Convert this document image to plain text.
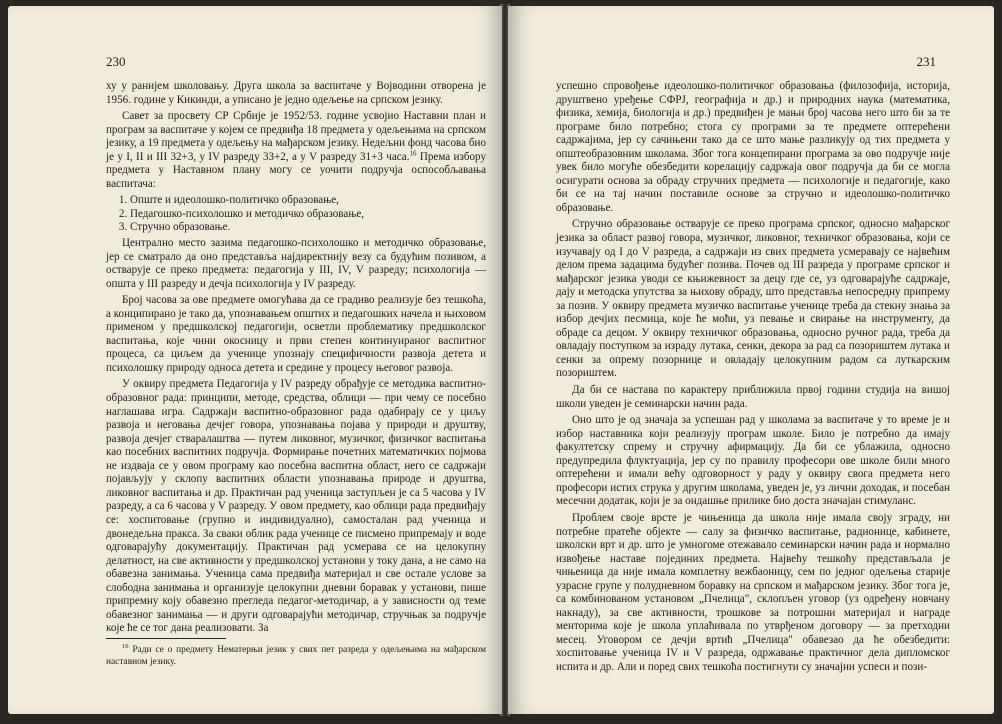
230

ху у ранијем школовању. Друга школа за васпитаче у Војводини отворена је 1956. године у Кикинди, а уписано је једно одељење на српском језику.

Савет за просвету СР Србије је 1952/53. године усвојио Наставни план и програм за васпитаче у којем се предвиђа 18 предмета у одељењима на српском језику, а 19 предмета у одељењу на мађарском језику. Недељни фонд часова био је у I, II и III 32+3, у IV разреду 33+2, а у V разреду 31+3 часа.$^{16}$ Према избору предмета у Наставном плану могу се уочити подручја оспособљавања васпитача:

1. Опште и идеолошко-политичко образовање,
2. Педагошко-психолошко и методичко образовање,
3. Стручно образовање.

Централно место зазима педагошко-психолошко и методичко образовање, јер се сматрало да оно представља најдиректнију везу са будућим позивом, а остварује се преко предмета: педагогија у III, IV, V разреду; психологија — општа у III разреду и дечја психологија у IV разреду.

Број часова за ове предмете омогућава да се градиво реализује без тешкоћа, а конципирано је тако да, упознавањем општих и педагошких начела и њиховом применом у предшколској педагогији, осветли проблематику предшколског васпитања, које чини окосницу и први степен континуираног васпитног процеса, са циљем да ученице упознају специфичности развоја детета и психолошку природу односа детета и средине у процесу његовог развоја.

У оквиру предмета Педагогија у IV разреду обрађује се методика васпитно-образовног рада: принципи, методе, средства, облици — при чему се посебно наглашава игра. Садржаји васпитно-образовног рада одабирају се у циљу развоја и неговања дечјег говора, упознавања појава у природи и друштву, развоја дечјег стваралаштва — путем ликовног, музичког, физичког васпитања као посебних васпитних подручја. Формирање почетних математичких појмова не издваја се у овом програму као посебна васпитна област, него се садржаји појављују у склопу васпитних области упознавања природе и друштва, ликовног васпитања и др. Практичан рад ученица заступљен је са 5 часова у IV разреду, а са 6 часова у V разреду. У овом предмету, као облици рада предвиђају се: хоспитовање (групно и индивидуално), самосталан рад ученица и двонедељна пракса. За сваки облик рада ученице се писмено припремају и воде одговарајућу документацију. Практичан рад усмерава се на целокупну делатност, на све активности у предшколској установи у току дана, а не само на обавезна занимања. Ученица сама предвиђа материјал и све остале услове за слободна занимања и организује целокупни дневни боравак у установи, пише припремну коју обавезно прегледа педагог-методичар, а у зависности од теме обавезног занимања — и други одговарајући методичар, стручњак за подручје које ће се тог дана реализовати. За

$^{16}$ Ради се о предмету Нематерњи језик у свих пет разреда у одељењима на мађарском наставном језику.
231

успешно спровођење идеолошко-политичког образовања (филозофија, историја, друштвено уређење СФРЈ, географија и др.) и природних наука (математика, физика, хемија, биологија и др.) предвиђен је мањи број часова него што би за те програме било потребно; стога су програми за те предмете оптерећени садржајима, јер су сачињени тако да се што мање разликују од тих предмета у општеобразовним школама. Због тога концепирани програма за ово подручје није увек било могуће обезбедити корелацију садржаја овог подручја да би се могла осигурати основа за обраду стручних предмета — психологије и педагогије, како би се на тај начин поставиле основе за стручно и идеолошко-политичко образовање.

Стручно образовање остварује се преко програма српског, односно мађарског језика за област развој говора, музичког, ликовног, техничког образовања, који се изучавају од I до V разреда, а садржаји из свих предмета усмеравају се највећим делом према задацима будућег позива. Почев од III разреда у програме српског и мађарског језика уводи се књижевност за децу где се, уз одговарајуће садржаје, дају и методска упутства за њихову обраду, што представља непосредну припрему за позив. У оквиру предмета музичко васпитање ученице треба да стекну знања за избор дечјих песмица, које ће моћи, уз певање и свирање на инструменту, да обраде са децом. У оквиру техничког образовања, односно ручног рада, треба да овладају поступком за израду лутака, сенки, декора за рад са позориштем лутака и сенки за опрему позорнице и овладају целокупним радом са луткарским позориштем.

Да би се настава по карактеру приближила првој години студија на вишој школи уведен је семинарски начин рада.

Оно што је од значаја за успешан рад у школама за васпитаче у то време је и избор наставника који реализују програм школе. Било је потребно да имају факултетску спрему и стручну афирмацију. Да би се ублажила, односно предупредила флуктуација, јер су по правилу професори ове школе били много оптерећени и имали већу одговорност у раду у оквиру свога предмета него професори истих струка у другим школама, уведен је, уз лични доходак, и посебан месечни додатак, који је за ондашње прилике био доста значајан стимуланс.

Проблем своје врсте је чињеница да школа није имала своју зграду, ни потребне пратеће објекте — салу за физичко васпитање, радионице, кабинете, школски врт и др. што је умногоме отежавало семинарски начин рада и нормално извођење наставе појединих предмета. Највећу тешкоћу представљала је чињеница да није имала комплетну вежбаоницу, сем по једног одељења старије узрасне групе у полудневном боравку на српском и мађарском језику. Због тога је, са комбинованом установом „Пчелица", склопљен уговор (уз одређену новчану накнаду), за све активности, трошкове за потрошни материјал и награде менторима које је школа уплаћивала по утврђеном договору — за претходни месец. Уговором се дечји вртић „Пчелица" обавезао да ће обезбедити: хоспитовање ученица IV и V разреда, одржавање практичног дела дипломског испита и др. Али и поред свих тешкоћа постигнути су значајни успеси и пози-
